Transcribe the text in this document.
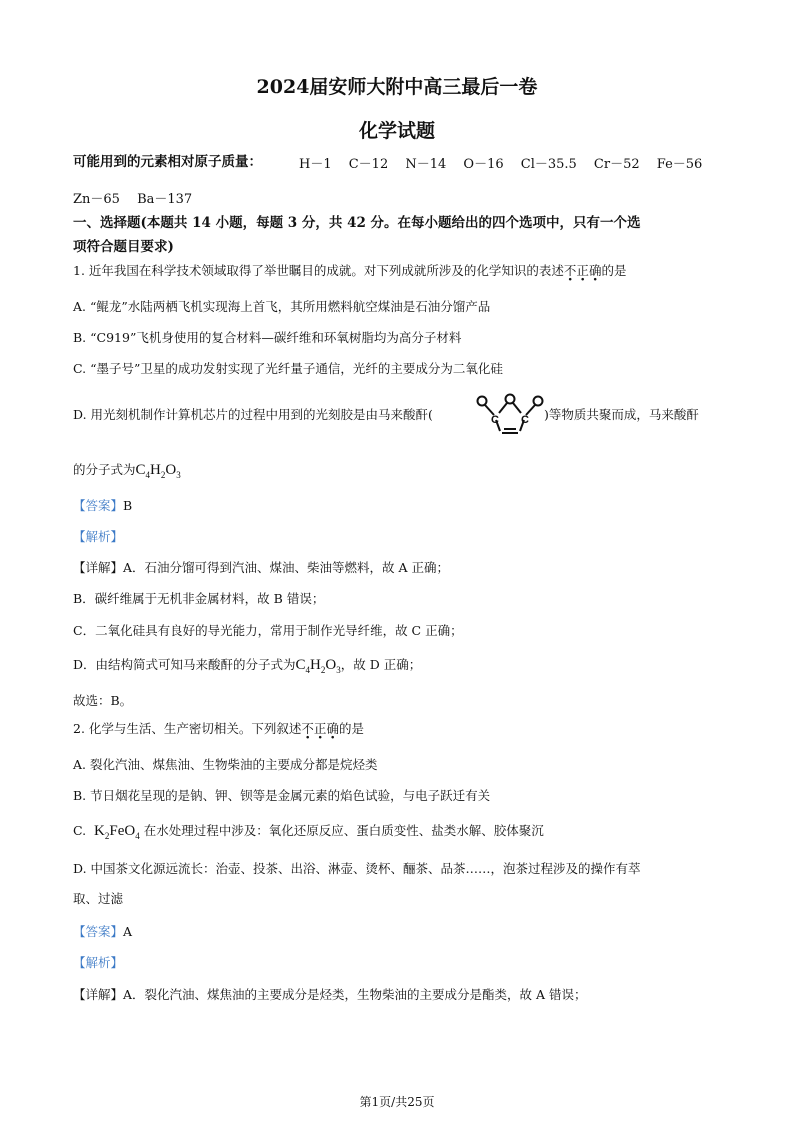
2024届安师大附中高三最后一卷
化学试题
可能用到的元素相对原子质量：	H－1　 C－12　 N－14　 O－16　 Cl－35.5　 Cr－52　 Fe－56
Zn－65　 Ba－137
一、选择题(本题共 14 小题，每题 3 分，共 42 分。在每小题给出的四个选项中，只有一个选
项符合题目要求)
1. 近年我国在科学技术领域取得了举世瞩目的成就。对下列成就所涉及的化学知识的表述不正确的是
A. “鲲龙”水陆两栖飞机实现海上首飞，其所用燃料航空煤油是石油分馏产品
B. “C919”飞机身使用的复合材料—碳纤维和环氧树脂均为高分子材料
C. “墨子号”卫星的成功发射实现了光纤量子通信，光纤的主要成分为二氧化硅
D. 用光刻机制作计算机芯片的过程中用到的光刻胶是由马来酸酐(	C C )等物质共聚而成，马来酸酐
的分子式为$C_4H_2O_3$
【答案】B
【解析】
【详解】A．石油分馏可得到汽油、煤油、柴油等燃料，故 A 正确；
B．碳纤维属于无机非金属材料，故 B 错误；
C．二氧化硅具有良好的导光能力，常用于制作光导纤维，故 C 正确；
D．由结构简式可知马来酸酐的分子式为$C_4H_2O_3$，故 D 正确；
故选：B。
2. 化学与生活、生产密切相关。下列叙述不正确的是
A. 裂化汽油、煤焦油、生物柴油的主要成分都是烷烃类
B. 节日烟花呈现的是钠、钾、钡等是金属元素的焰色试验，与电子跃迁有关
C. $K_2FeO_4$ 在水处理过程中涉及：氧化还原反应、蛋白质变性、盐类水解、胶体聚沉
D. 中国茶文化源远流长：治壶、投茶、出浴、淋壶、烫杯、酾茶、品茶……，泡茶过程涉及的操作有萃
取、过滤
【答案】A
【解析】
【详解】A．裂化汽油、煤焦油的主要成分是烃类，生物柴油的主要成分是酯类，故 A 错误；
第1页/共25页
